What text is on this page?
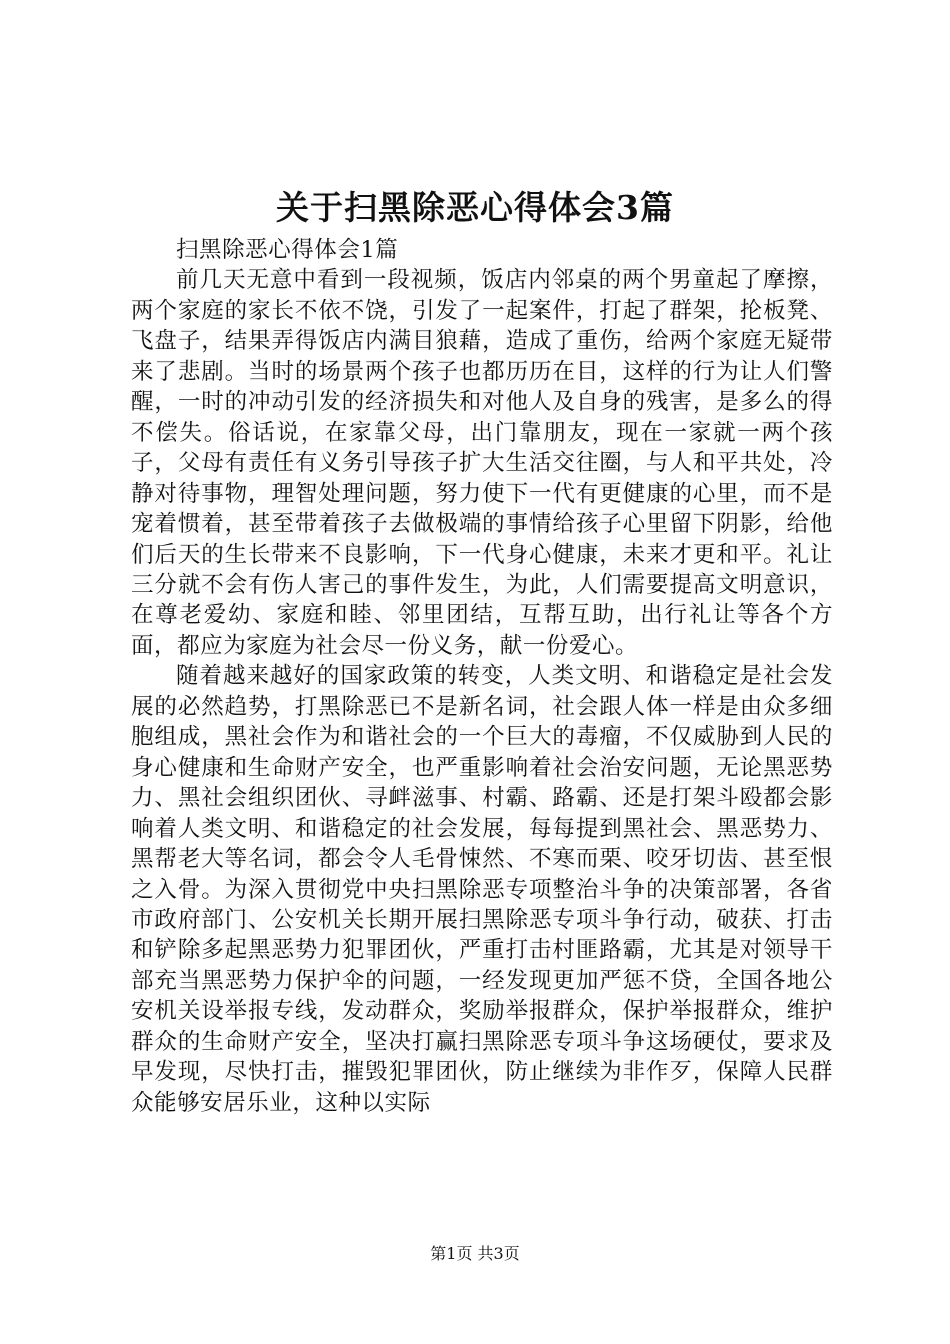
关于扫黑除恶心得体会3篇

扫黑除恶心得体会1篇

前几天无意中看到一段视频，饭店内邻桌的两个男童起了摩擦，两个家庭的家长不依不饶，引发了一起案件，打起了群架，抡板凳、飞盘子，结果弄得饭店内满目狼藉，造成了重伤，给两个家庭无疑带来了悲剧。当时的场景两个孩子也都历历在目，这样的行为让人们警醒，一时的冲动引发的经济损失和对他人及自身的残害，是多么的得不偿失。俗话说，在家靠父母，出门靠朋友，现在一家就一两个孩子，父母有责任有义务引导孩子扩大生活交往圈，与人和平共处，冷静对待事物，理智处理问题，努力使下一代有更健康的心里，而不是宠着惯着，甚至带着孩子去做极端的事情给孩子心里留下阴影，给他们后天的生长带来不良影响，下一代身心健康，未来才更和平。礼让三分就不会有伤人害己的事件发生，为此，人们需要提高文明意识，在尊老爱幼、家庭和睦、邻里团结，互帮互助，出行礼让等各个方面，都应为家庭为社会尽一份义务，献一份爱心。

随着越来越好的国家政策的转变，人类文明、和谐稳定是社会发展的必然趋势，打黑除恶已不是新名词，社会跟人体一样是由众多细胞组成，黑社会作为和谐社会的一个巨大的毒瘤，不仅威胁到人民的身心健康和生命财产安全，也严重影响着社会治安问题，无论黑恶势力、黑社会组织团伙、寻衅滋事、村霸、路霸、还是打架斗殴都会影响着人类文明、和谐稳定的社会发展，每每提到黑社会、黑恶势力、黑帮老大等名词，都会令人毛骨悚然、不寒而栗、咬牙切齿、甚至恨之入骨。为深入贯彻党中央扫黑除恶专项整治斗争的决策部署，各省市政府部门、公安机关长期开展扫黑除恶专项斗争行动，破获、打击和铲除多起黑恶势力犯罪团伙，严重打击村匪路霸，尤其是对领导干部充当黑恶势力保护伞的问题，一经发现更加严惩不贷，全国各地公安机关设举报专线，发动群众，奖励举报群众，保护举报群众，维护群众的生命财产安全，坚决打赢扫黑除恶专项斗争这场硬仗，要求及早发现，尽快打击，摧毁犯罪团伙，防止继续为非作歹，保障人民群众能够安居乐业，这种以实际

第1页 共3页
